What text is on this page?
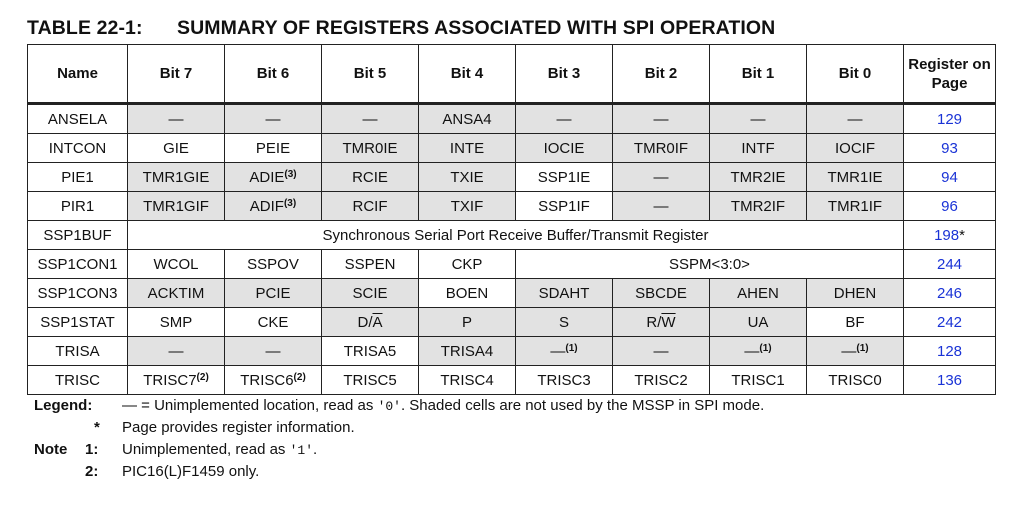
TABLE 22-1: SUMMARY OF REGISTERS ASSOCIATED WITH SPI OPERATION
Name	Bit 7	Bit 6	Bit 5	Bit 4	Bit 3	Bit 2	Bit 1	Bit 0	Register on Page
ANSELA	—	—	—	ANSA4	—	—	—	—	129
INTCON	GIE	PEIE	TMR0IE	INTE	IOCIE	TMR0IF	INTF	IOCIF	93
PIE1	TMR1GIE	ADIE$^{(3)}$	RCIE	TXIE	SSP1IE	—	TMR2IE	TMR1IE	94
PIR1	TMR1GIF	ADIF$^{(3)}$	RCIF	TXIF	SSP1IF	—	TMR2IF	TMR1IF	96
SSP1BUF	Synchronous Serial Port Receive Buffer/Transmit Register								198*
SSP1CON1	WCOL	SSPOV	SSPEN	CKP	SSPM<3:0>				244
SSP1CON3	ACKTIM	PCIE	SCIE	BOEN	SDAHT	SBCDE	AHEN	DHEN	246
SSP1STAT	SMP	CKE	$D/\overline{A}$	P	S	$R/\overline{W}$	UA	BF	242
TRISA	—	—	TRISA5	TRISA4	—$^{(1)}$	—	—$^{(1)}$	—$^{(1)}$	128
TRISC	TRISC7$^{(2)}$	TRISC6$^{(2)}$	TRISC5	TRISC4	TRISC3	TRISC2	TRISC1	TRISC0	136
Legend: — = Unimplemented location, read as '0'. Shaded cells are not used by the MSSP in SPI mode.
* Page provides register information.
Note 1: Unimplemented, read as '1'.
2: PIC16(L)F1459 only.
